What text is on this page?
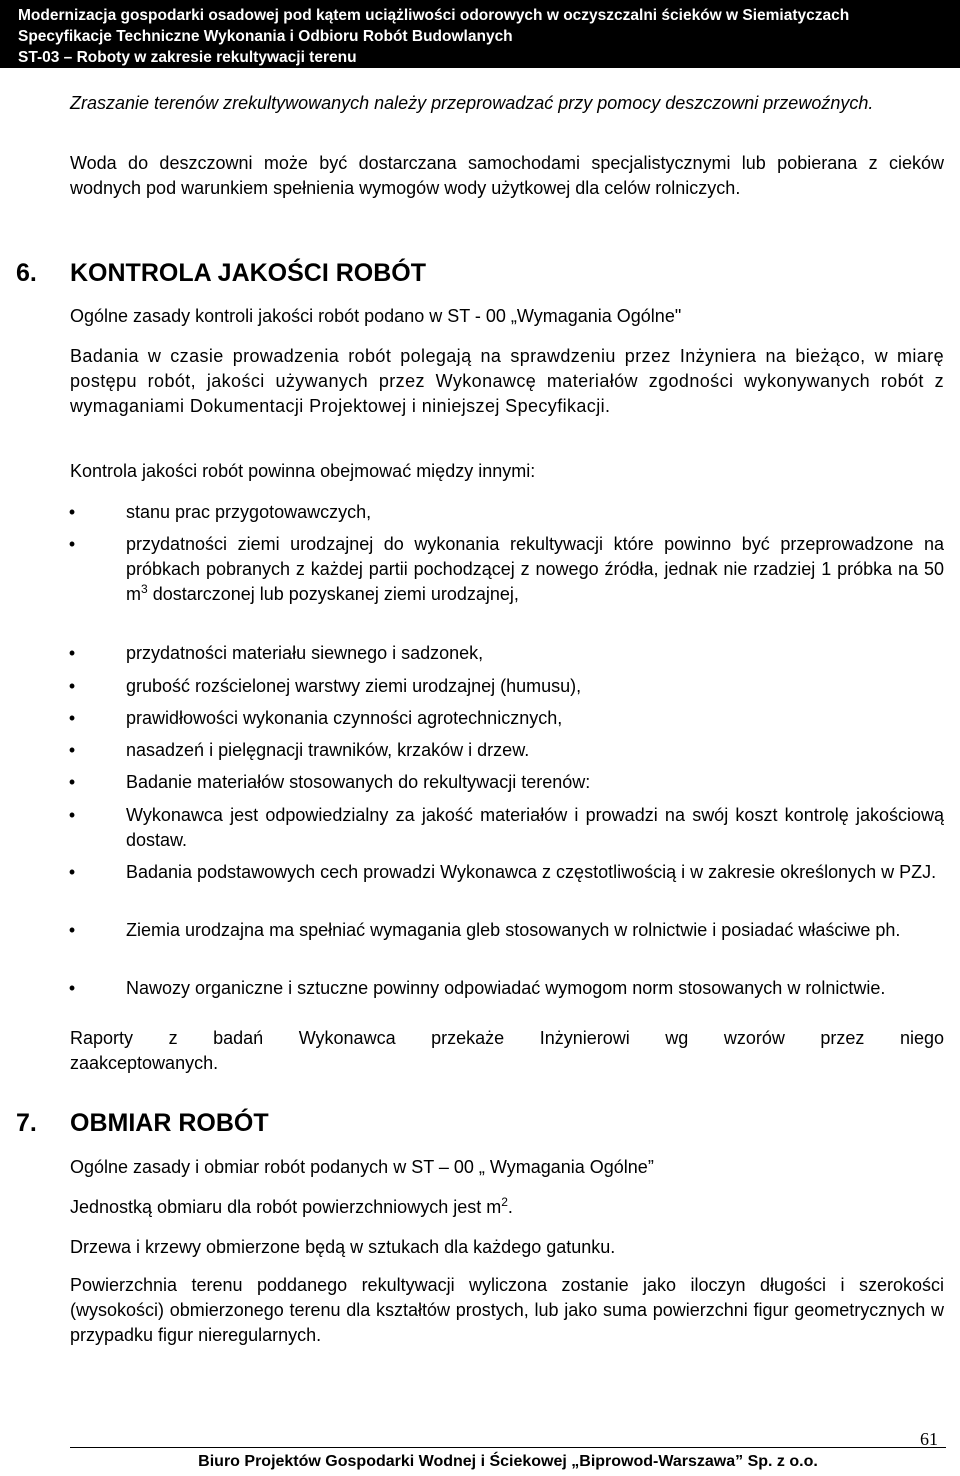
Modernizacja gospodarki osadowej pod kątem uciążliwości odorowych w oczyszczalni ścieków w Siemiatyczach
Specyfikacje Techniczne Wykonania i Odbioru Robót Budowlanych
ST-03 – Roboty w zakresie rekultywacji terenu

Zraszanie terenów zrekultywowanych należy przeprowadzać przy pomocy deszczowni przewoźnych.

Woda do deszczowni może być dostarczana samochodami specjalistycznymi lub pobierana z cieków wodnych pod warunkiem spełnienia wymogów wody użytkowej dla celów rolniczych.

6. KONTROLA JAKOŚCI ROBÓT

Ogólne zasady kontroli jakości robót podano w ST - 00 „Wymagania Ogólne"

Badania w czasie prowadzenia robót polegają na sprawdzeniu przez Inżyniera na bieżąco, w miarę postępu robót, jakości używanych przez Wykonawcę materiałów zgodności wykonywanych robót z wymaganiami Dokumentacji Projektowej i niniejszej Specyfikacji.

Kontrola jakości robót powinna obejmować między innymi:

•	stanu prac przygotowawczych,
•	przydatności ziemi urodzajnej do wykonania rekultywacji które powinno być przeprowadzone na próbkach pobranych z każdej partii pochodzącej z nowego źródła, jednak nie rzadziej 1 próbka na 50 $m^3$ dostarczonej lub pozyskanej ziemi urodzajnej,
•	przydatności materiału siewnego i sadzonek,
•	grubość rozścielonej warstwy ziemi urodzajnej (humusu),
•	prawidłowości wykonania czynności agrotechnicznych,
•	nasadzeń i pielęgnacji trawników, krzaków i drzew.
•	Badanie materiałów stosowanych do rekultywacji terenów:
•	Wykonawca jest odpowiedzialny za jakość materiałów i prowadzi na swój koszt kontrolę jakościową dostaw.
•	Badania podstawowych cech prowadzi Wykonawca z częstotliwością i w zakresie określonych w PZJ.
•	Ziemia urodzajna ma spełniać wymagania gleb stosowanych w rolnictwie i posiadać właściwe ph.
•	Nawozy organiczne i sztuczne powinny odpowiadać wymogom norm stosowanych w rolnictwie.

Raporty z badań Wykonawca przekaże Inżynierowi wg wzorów przez niego zaakceptowanych.

7. OBMIAR ROBÓT

Ogólne zasady i obmiar robót podanych w ST – 00 „ Wymagania Ogólne”

Jednostką obmiaru dla robót powierzchniowych jest $m^2$.

Drzewa i krzewy obmierzone będą w sztukach dla każdego gatunku.

Powierzchnia terenu poddanego rekultywacji wyliczona zostanie jako iloczyn długości i szerokości (wysokości) obmierzonego terenu dla kształtów prostych, lub jako suma powierzchni figur geometrycznych w przypadku figur nieregularnych.

61
Biuro Projektów Gospodarki Wodnej i Ściekowej „Biprowod-Warszawa” Sp. z o.o.
